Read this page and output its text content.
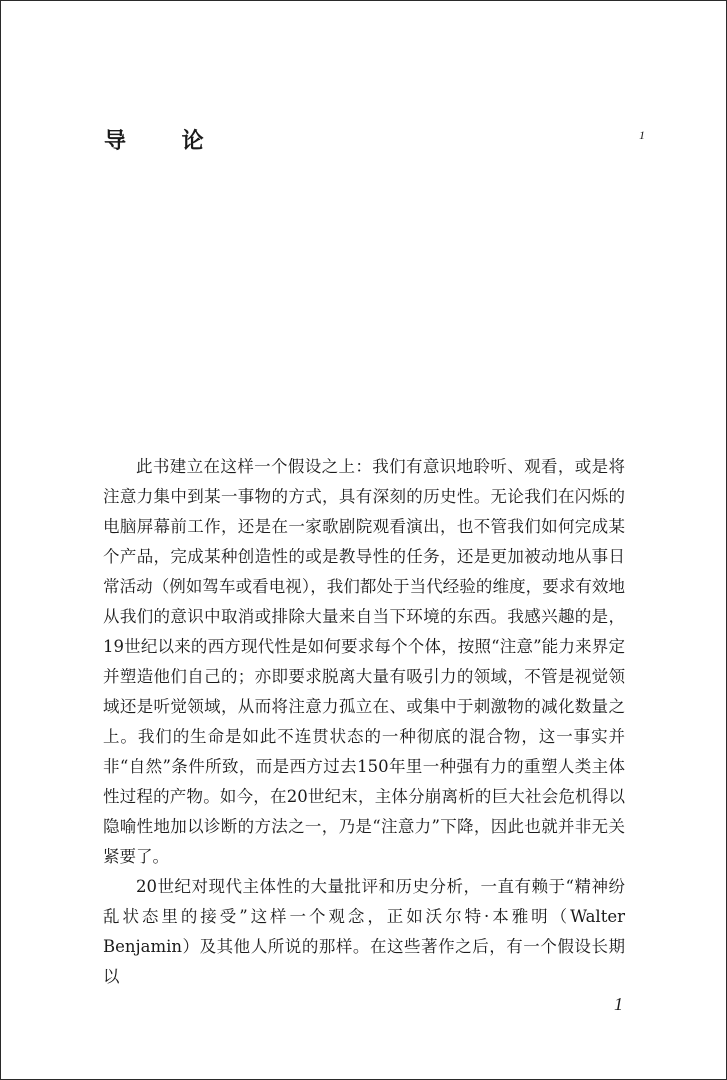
导 论	1

此书建立在这样一个假设之上：我们有意识地聆听、观看，或是将注意力集中到某一事物的方式，具有深刻的历史性。无论我们在闪烁的电脑屏幕前工作，还是在一家歌剧院观看演出，也不管我们如何完成某个产品，完成某种创造性的或是教导性的任务，还是更加被动地从事日常活动（例如驾车或看电视），我们都处于当代经验的维度，要求有效地从我们的意识中取消或排除大量来自当下环境的东西。我感兴趣的是，19世纪以来的西方现代性是如何要求每个个体，按照“注意”能力来界定并塑造他们自己的；亦即要求脱离大量有吸引力的领域，不管是视觉领域还是听觉领域，从而将注意力孤立在、或集中于刺激物的减化数量之上。我们的生命是如此不连贯状态的一种彻底的混合物，这一事实并非“自然”条件所致，而是西方过去150年里一种强有力的重塑人类主体性过程的产物。如今，在20世纪末，主体分崩离析的巨大社会危机得以隐喻性地加以诊断的方法之一，乃是“注意力”下降，因此也就并非无关紧要了。

20世纪对现代主体性的大量批评和历史分析，一直有赖于“精神纷乱状态里的接受”这样一个观念，正如沃尔特·本雅明（Walter Benjamin）及其他人所说的那样。在这些著作之后，有一个假设长期以

1
